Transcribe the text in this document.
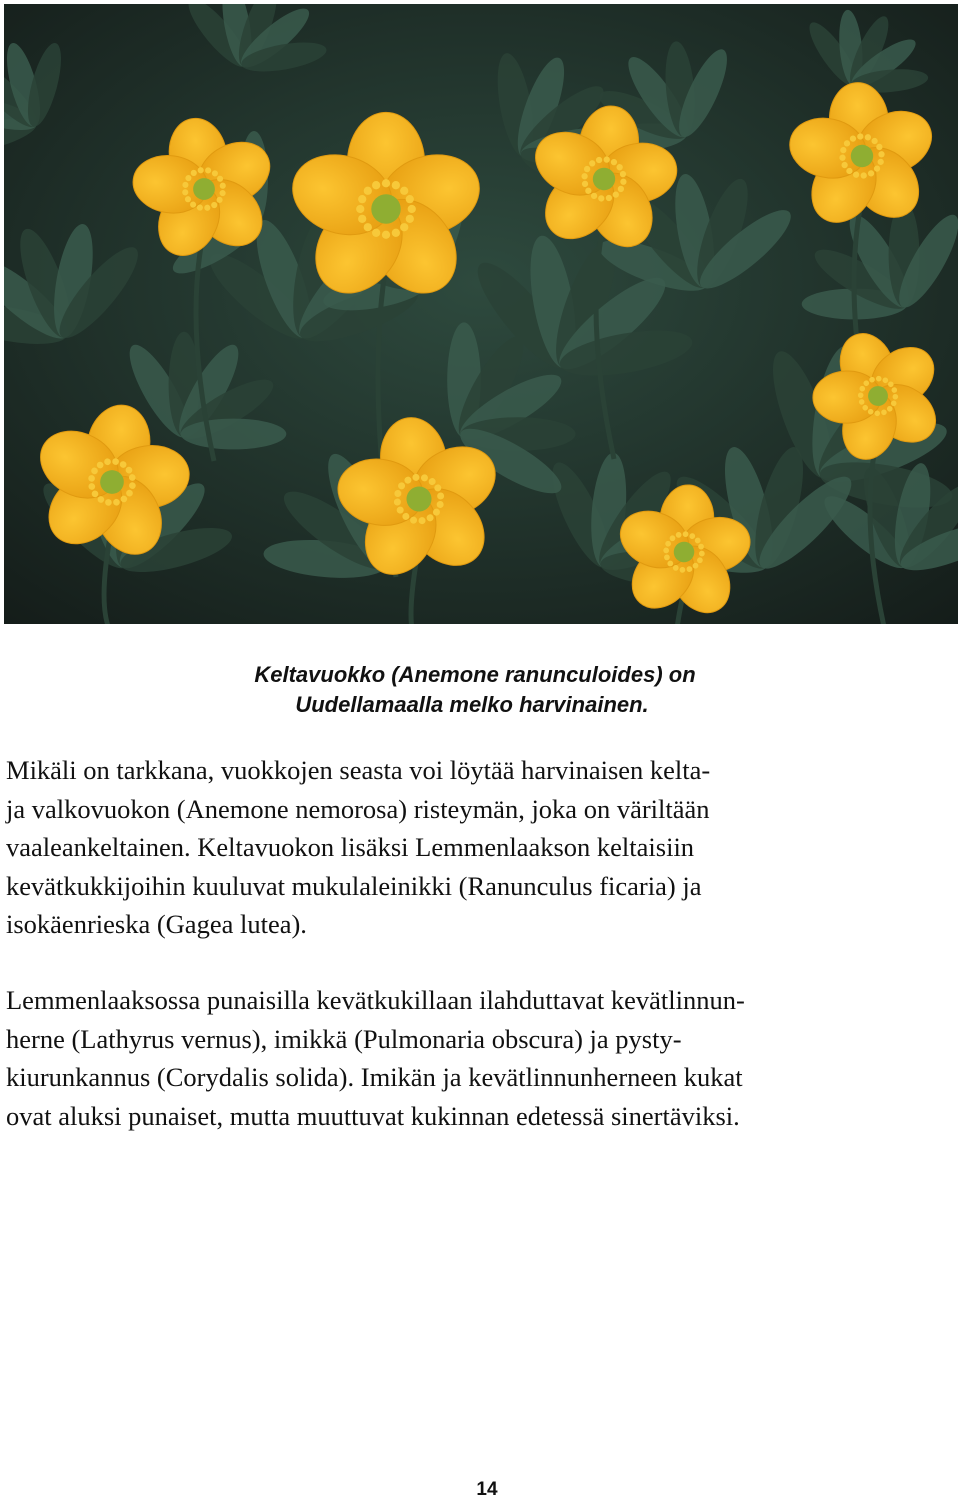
Keltavuokko (Anemone ranunculoides) on
Uudellamaalla melko harvinainen.
Mikäli on tarkkana, vuokkojen seasta voi löytää harvinaisen kelta-
ja valkovuokon (Anemone nemorosa) risteymän, joka on väriltään
vaaleankeltainen. Keltavuokon lisäksi Lemmenlaakson keltaisiin
kevätkukkijoihin kuuluvat mukulaleinikki (Ranunculus ficaria) ja
isokäenrieska (Gagea lutea).
Lemmenlaaksossa punaisilla kevätkukillaan ilahduttavat kevätlinnun-
herne (Lathyrus vernus), imikkä (Pulmonaria obscura) ja pysty-
kiurunkannus (Corydalis solida). Imikän ja kevätlinnunherneen kukat
ovat aluksi punaiset, mutta muuttuvat kukinnan edetessä sinertäviksi.
14
